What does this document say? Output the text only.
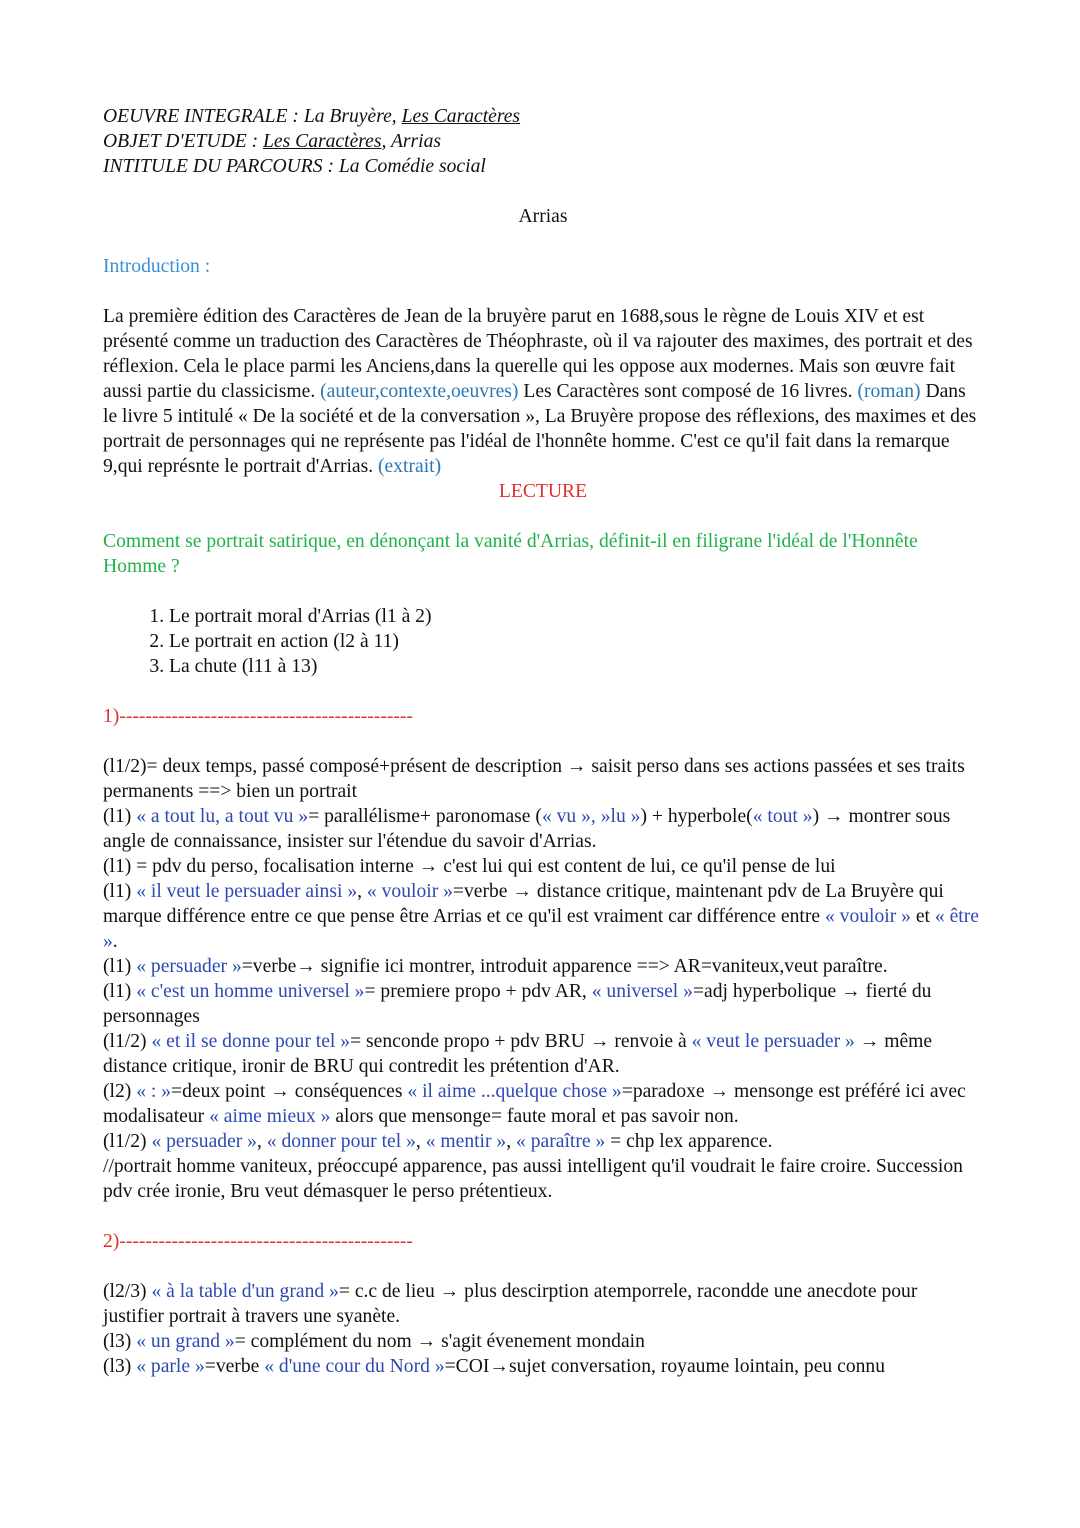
OEUVRE INTEGRALE : La Bruyère, Les Caractères
OBJET D'ETUDE : Les Caractères, Arrias
INTITULE DU PARCOURS : La Comédie social
Arrias
Introduction :
La première édition des Caractères de Jean de la bruyère parut en 1688,sous le règne de Louis XIV et est présenté comme un traduction des Caractères de Théophraste, où il va rajouter des maximes, des portrait et des réflexion. Cela le place parmi les Anciens,dans la querelle qui les oppose aux modernes. Mais son œuvre fait aussi partie du classicisme. (auteur,contexte,oeuvres) Les Caractères sont composé de 16 livres. (roman) Dans le livre 5 intitulé « De la société et de la conversation », La Bruyère propose des réflexions, des maximes et des portrait de personnages qui ne représente pas l'idéal de l'honnête homme. C'est ce qu'il fait dans la remarque 9,qui représnte le portrait d'Arrias. (extrait)
LECTURE
Comment se portrait satirique, en dénonçant la vanité d'Arrias, définit-il en filigrane l'idéal de l'Honnête Homme ?
1. Le portrait moral d'Arrias (l1 à 2)
2. Le portrait en action (l2 à 11)
3. La chute (l11 à 13)
1)---------------------------------------------
(l1/2)= deux temps, passé composé+présent de description → saisit perso dans ses actions passées et ses traits permanents ==> bien un portrait
(l1) « a tout lu, a tout vu »= parallélisme+ paronomase (« vu », »lu ») + hyperbole(« tout ») → montrer sous angle de connaissance, insister sur l'étendue du savoir d'Arrias.
(l1) = pdv du perso, focalisation interne → c'est lui qui est content de lui, ce qu'il pense de lui
(l1) « il veut le persuader ainsi », « vouloir »=verbe → distance critique, maintenant pdv de La Bruyère qui marque différence entre ce que pense être Arrias et ce qu'il est vraiment car différence entre « vouloir » et « être ».
(l1) « persuader »=verbe→ signifie ici montrer, introduit apparence ==> AR=vaniteux,veut paraître.
(l1) « c'est un homme universel »= premiere propo + pdv AR, « universel »=adj hyperbolique → fierté du personnages
(l1/2) « et il se donne pour tel »= senconde propo + pdv BRU → renvoie à « veut le persuader » → même distance critique, ironir de BRU qui contredit les prétention d'AR.
(l2) « : »=deux point → conséquences « il aime ...quelque chose »=paradoxe → mensonge est préféré ici avec modalisateur « aime mieux » alors que mensonge= faute moral et pas savoir non.
(l1/2) « persuader », « donner pour tel », « mentir », « paraître » = chp lex apparence.
//portrait homme vaniteux, préoccupé apparence, pas aussi intelligent qu'il voudrait le faire croire. Succession pdv crée ironie, Bru veut démasquer le perso prétentieux.
2)---------------------------------------------
(l2/3) « à la table d'un grand »= c.c de lieu → plus descirption atemporrele, racondde une anecdote pour justifier portrait à travers une syanète.
(l3) « un grand »= complément du nom → s'agit évenement mondain
(l3) « parle »=verbe « d'une cour du Nord »=COI→sujet conversation, royaume lointain, peu connu
